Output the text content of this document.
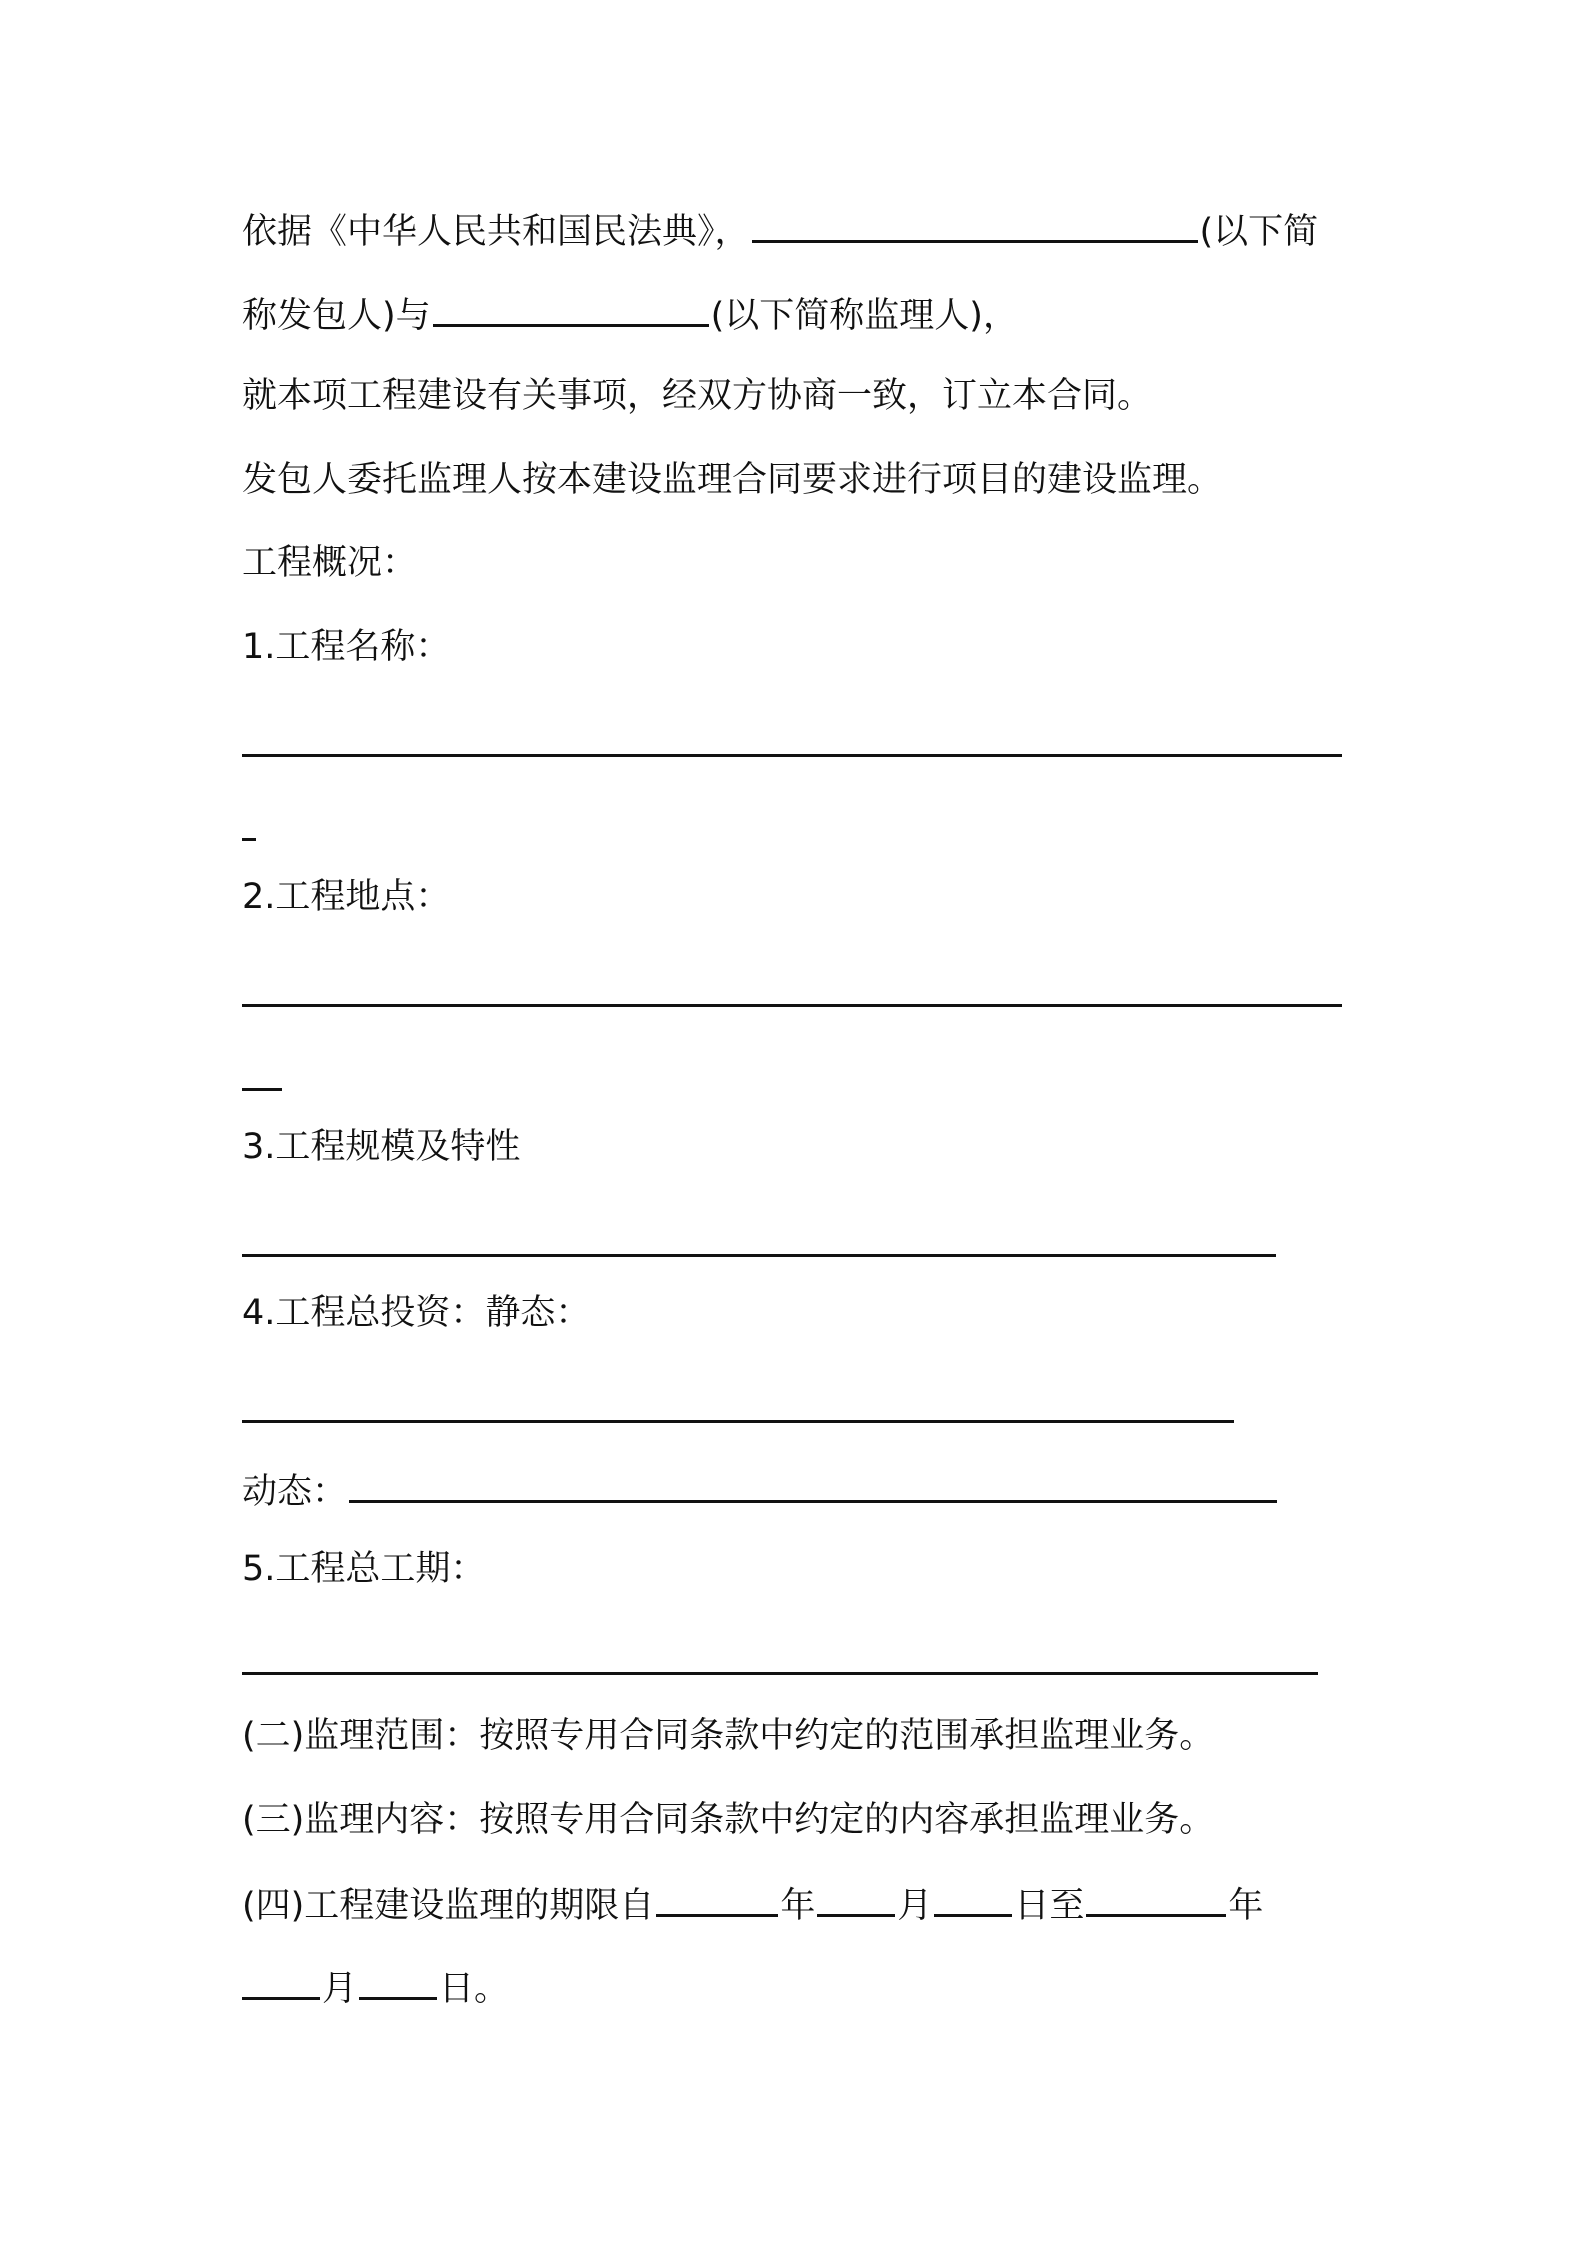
依据《中华人民共和国民法典》，	(以下简
称发包人)与	(以下简称监理人)，
就本项工程建设有关事项，经双方协商一致，订立本合同。
发包人委托监理人按本建设监理合同要求进行项目的建设监理。
工程概况：
1.工程名称：
2.工程地点：
3.工程规模及特性
4.工程总投资：静态：
动态：
5.工程总工期：
(二)监理范围：按照专用合同条款中约定的范围承担监理业务。
(三)监理内容：按照专用合同条款中约定的内容承担监理业务。
(四)工程建设监理的期限自	年 月 日至	年
月 日。
